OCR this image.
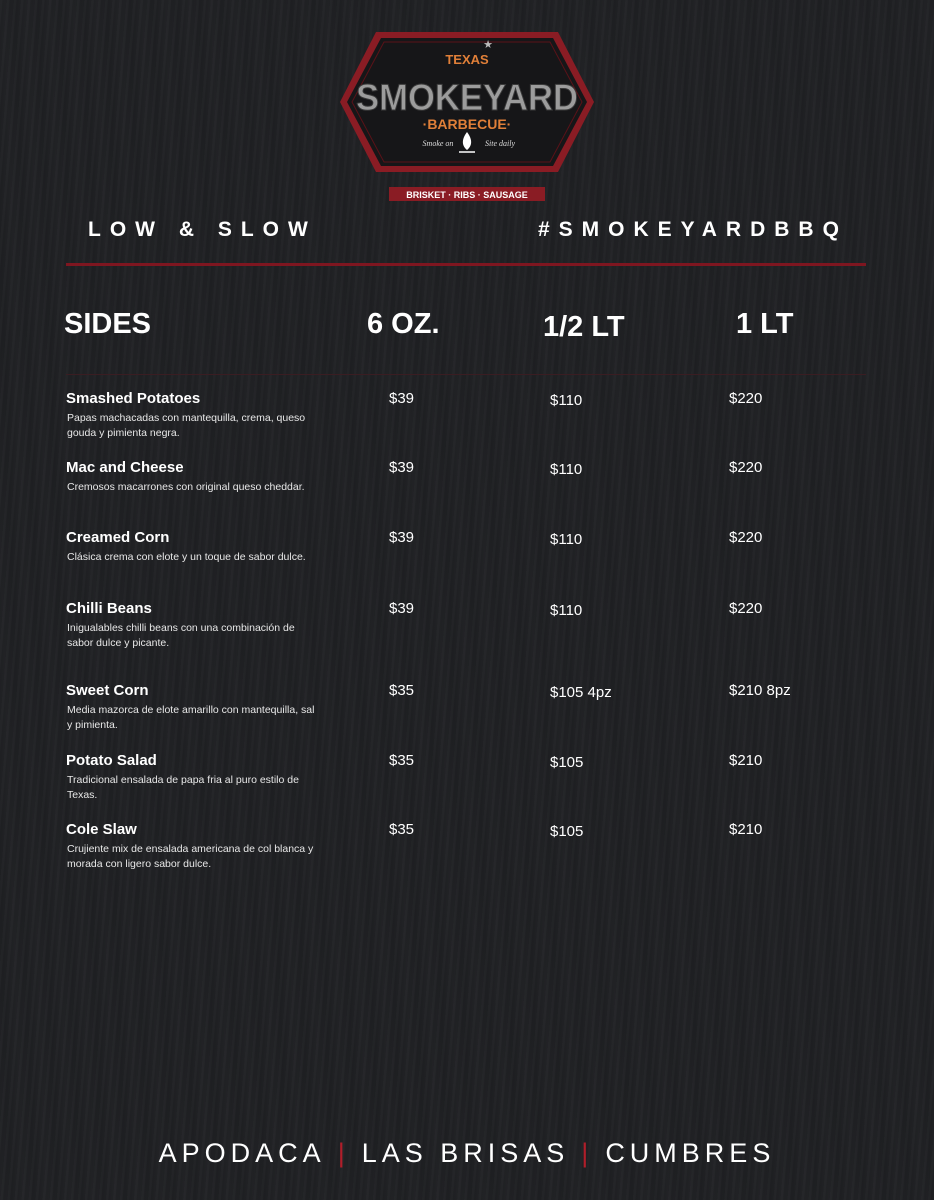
TEXAS
★
SMOKEYARD
·BARBECUE·
Smoke on	Site daily
BRISKET · RIBS · SAUSAGE
LOW & SLOW	#SMOKEYARDBBQ
SIDES	6 OZ.	1/2 LT	1 LT
Smashed Potatoes
Papas machacadas con mantequilla, crema, queso gouda y pimienta negra.
$39	$110	$220
Mac and Cheese
Cremosos macarrones con original queso cheddar.
$39	$110	$220
Creamed Corn
Clásica crema con elote y un toque de sabor dulce.
$39	$110	$220
Chilli Beans
Inigualables chilli beans con una combinación de sabor dulce y picante.
$39	$110	$220
Sweet Corn
Media mazorca de elote amarillo con mantequilla, sal y pimienta.
$35	$105 4pz	$210 8pz
Potato Salad
Tradicional ensalada de papa fria al puro estilo de Texas.
$35	$105	$210
Cole Slaw
Crujiente mix de ensalada americana de col blanca y morada con ligero sabor dulce.
$35	$105	$210
APODACA | LAS BRISAS | CUMBRES
